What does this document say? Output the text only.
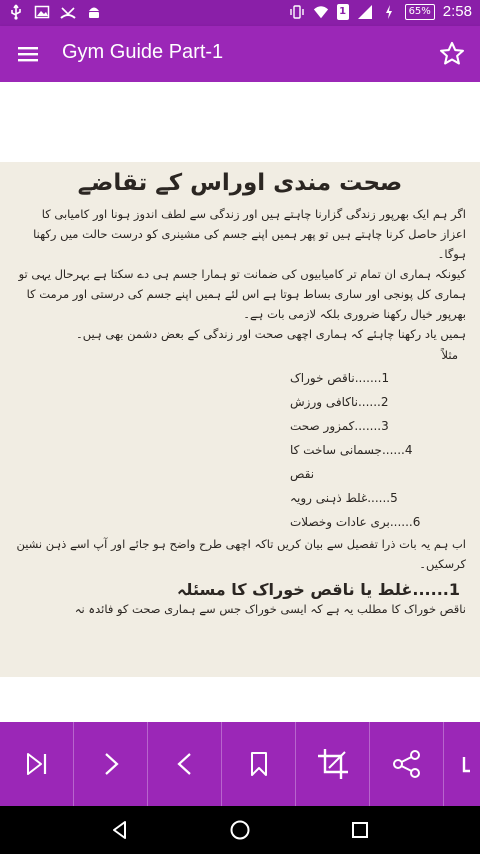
1	65% 2:58
Gym Guide Part-1
صحت مندی اوراس کے تقاضے

اگر ہم ایک بھرپور زندگی گزارنا چاہتے ہیں اور زندگی سے لطف اندوز ہونا اور کامیابی کا اعزاز حاصل کرنا چاہتے ہیں تو پھر ہمیں اپنے جسم کی مشینری کو درست حالت میں رکھنا ہوگا۔

کیونکہ ہماری ان تمام تر کامیابیوں کی ضمانت تو ہمارا جسم ہی دے سکتا ہے بہرحال یہی تو ہماری کل پونجی اور ساری بساط ہوتا ہے اس لئے ہمیں اپنے جسم کی درستی اور مرمت کا بھرپور خیال رکھنا ضروری بلکہ لازمی بات ہے۔

ہمیں یاد رکھنا چاہئے کہ ہماری اچھی صحت اور زندگی کے بعض دشمن بھی ہیں۔

مثلاً
1.......ناقص خوراک
2......ناکافی ورزش
3.......کمزور صحت
4......جسمانی ساخت کا نقص
5......غلط ذہنی رویہ
6......بری عادات وخصلات

اب ہم یہ بات ذرا تفصیل سے بیان کریں تاکہ اچھی طرح واضح ہو جائے اور آپ اسے ذہن نشین کرسکیں۔

1......غلط یا ناقص خوراک کا مسئلہ

ناقص خوراک کا مطلب یہ ہے کہ ایسی خوراک جس سے ہماری صحت کو فائدہ نہ
